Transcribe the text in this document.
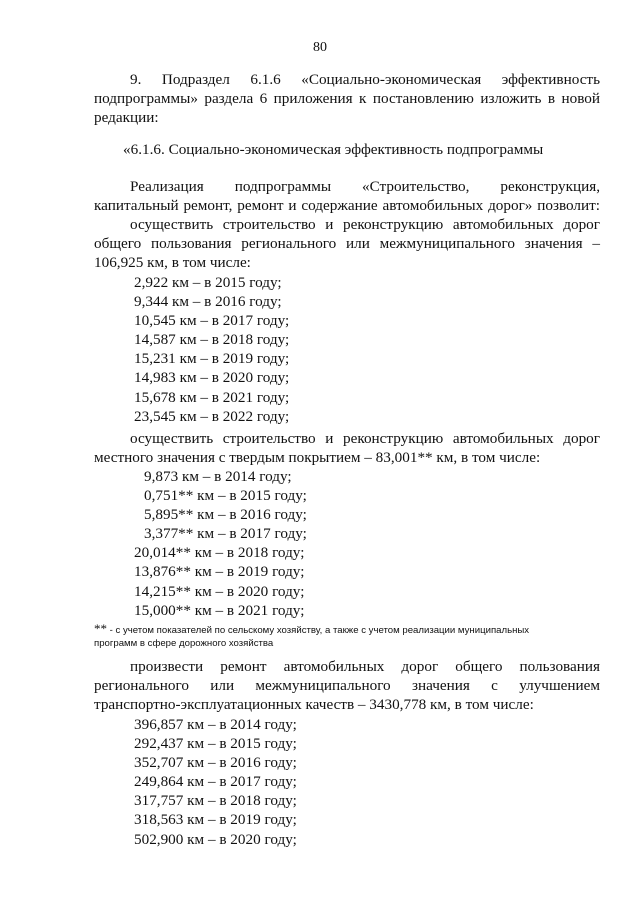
80
9. Подраздел 6.1.6 «Социально-экономическая эффективность
подпрограммы» раздела 6 приложения к постановлению изложить в новой
редакции:
«6.1.6. Социально-экономическая эффективность подпрограммы
Реализация подпрограммы «Строительство, реконструкция,
капитальный ремонт, ремонт и содержание автомобильных дорог» позволит:
осуществить строительство и реконструкцию автомобильных дорог
общего пользования регионального или межмуниципального значения –
106,925 км, в том числе:
2,922 км – в 2015 году;
9,344 км – в 2016 году;
10,545 км – в 2017 году;
14,587 км – в 2018 году;
15,231 км – в 2019 году;
14,983 км – в 2020 году;
15,678 км – в 2021 году;
23,545 км – в 2022 году;
осуществить строительство и реконструкцию автомобильных дорог
местного значения с твердым покрытием – 83,001** км, в том числе:
9,873 км – в 2014 году;
0,751** км – в 2015 году;
5,895** км – в 2016 году;
3,377** км – в 2017 году;
20,014** км – в 2018 году;
13,876** км – в 2019 году;
14,215** км – в 2020 году;
15,000** км – в 2021 году;
** - с учетом показателей по сельскому хозяйству, а также с учетом реализации муниципальных
программ в сфере дорожного хозяйства
произвести ремонт автомобильных дорог общего пользования
регионального или межмуниципального значения с улучшением
транспортно-эксплуатационных качеств – 3430,778 км, в том числе:
396,857 км – в 2014 году;
292,437 км – в 2015 году;
352,707 км – в 2016 году;
249,864 км – в 2017 году;
317,757 км – в 2018 году;
318,563 км – в 2019 году;
502,900 км – в 2020 году;
